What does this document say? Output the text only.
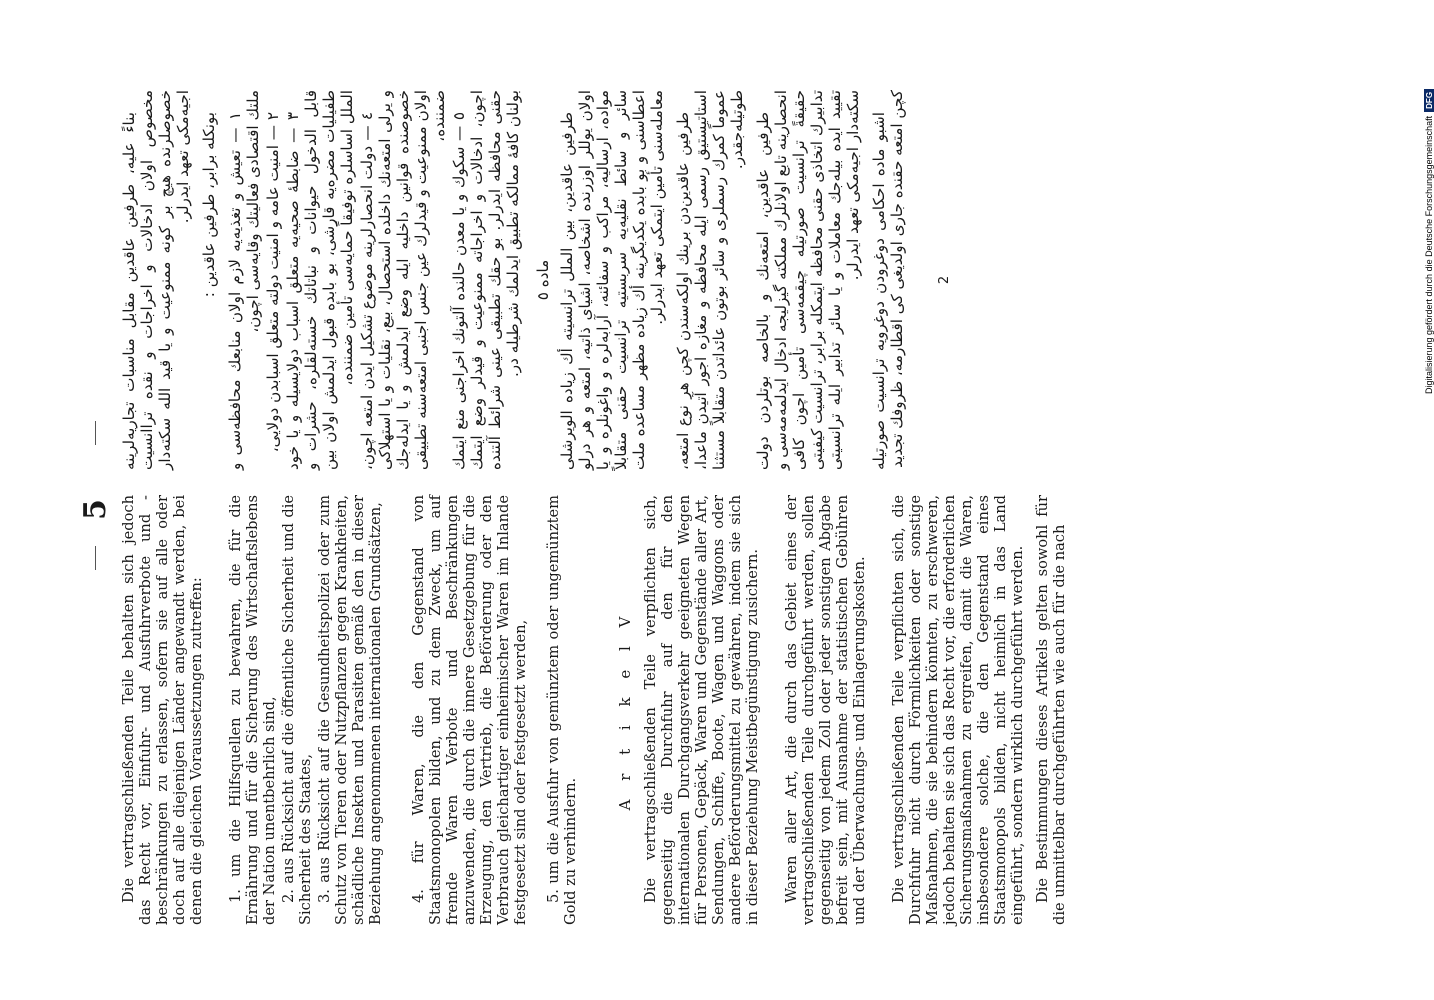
5 Die vertragschließenden Teile behalten sich jedoch das Recht vor, Einfuhr- und Ausfuhrverbote und -beschränkungen zu erlassen, sofern sie auf alle oder doch auf alle diejenigen Länder angewandt werden, bei denen die gleichen Voraussetzungen zutreffen: 1. um die Hilfsquellen zu bewahren, die für die Ernährung und für die Sicherung des Wirtschaftslebens der Nation unentbehrlich sind, 2. aus Rücksicht auf die öffentliche Sicherheit und die Sicherheit des Staates, 3. aus Rücksicht auf die Gesundheitspolizei oder zum Schutz von Tieren oder Nutzpflanzen gegen Krankheiten, schädliche Insekten und Parasiten gemäß den in dieser Beziehung angenommenen internationalen Grundsätzen, 4. für Waren, die den Gegenstand von Staatsmonopolen bilden, und zu dem Zweck, um auf fremde Waren Verbote und Beschränkungen anzuwenden, die durch die innere Gesetzgebung für die Erzeugung, den Vertrieb, die Beförderung oder den Verbrauch gleichartiger einheimischer Waren im Inlande festgesetzt sind oder festgesetzt werden, 5. um die Ausfuhr von gemünztem oder ungemünztem Gold zu verhindern.

A r t i k e l V Die vertragschließenden Teile verpflichten sich, gegenseitig die Durchfuhr auf den für den internationalen Durchgangsverkehr geeigneten Wegen für Personen, Gepäck, Waren und Gegenstände aller Art, Sendungen, Schiffe, Boote, Wagen und Waggons oder andere Beförderungsmittel zu gewähren, indem sie sich in dieser Beziehung Meistbegünstigung zusichern. Waren aller Art, die durch das Gebiet eines der vertragschließenden Teile durchgeführt werden, sollen gegenseitig von jedem Zoll oder jeder sonstigen Abgabe befreit sein, mit Ausnahme der statistischen Gebühren und der Überwachungs- und Einlagerungskosten. Die vertragschließenden Teile verpflichten sich, die Durchfuhr nicht durch Förmlichkeiten oder sonstige Maßnahmen, die sie behindern könnten, zu erschweren, jedoch behalten sie sich das Recht vor, die erforderlichen Sicherungsmaßnahmen zu ergreifen, damit die Waren, insbesondere solche, die den Gegenstand eines Staatsmonopols bilden, nicht heimlich in das Land eingeführt, sondern wirklich durchgeführt werden. Die Bestimmungen dieses Artikels gelten sowohl für die unmittelbar durchgeführten wie auch für die nach

بناءً عليه، طرفين عاقدين مقابل مناسبات تجاريه‌لرينه مخصوص اولان ادخالات و اخراجات و نقده تراانسيت خصوصلرنده هيچ بر كونه ممنوعيت و يا قيد الله سكته‌دار اجيه‌مكى تعهد ايدرلر. بونكله برابر، طرفين عاقدين : ١ — تعيش و تغذيه‌يه لازم اولان منابعك محافظه‌سى و ملتك اقتصادى فعاليتك وقايه‌سى اچون، ٢ — امنيت عامه و امنيت دولته متعلق اسبابدن دولايى،

٣ — ضابطهٔ صحيه‌يه متعلق اسباب دولايسيله و يا خود قابل الدخول حيوانات و نباتاتك خسته‌لقلره، حشرات و طفيليات مضره‌يه قارشى، بو بابده قبول ايدلمش اولان بين الملل اساسلره توفيقاً حمايه‌سى تأمين ضمننده، ٤ — دولت انحصارلرينه موضوع تشكيل ايدن امتعه اچون، و يرلى امتعه‌نك داخلده استحصال، بيع، نقليات و يا استهلاكى خصوصنده قوانين داخليه ايله وضع ايدلمش و يا ايدلەجك اولان ممنوعيت و قيدلرك عين جنس اجنبى امتعه‌سنه تطبيقى ضمننده،

٥ — سكوك و يا معدن حالنده آلتونك اخراجنى منع ايتمك اچون، ادخالات و اخراجاته ممنوعيت و قيدلر وضع ايتمك حقنى محافظه ايدرلر. بو حقك تطبيقى عينى شرائط آلتنده بولنان كافهٔ ممالكه تطبيق ايدلمك شرطيله در. ماده ٥ طرفين عاقدين، بين الملل ترانسيته أك زياده الويرشلى اولان يوللر اوزرنده اشخاصه، اشياى ذاتيه، امتعه و هر درلو مواده، ارساليه، مراكب و سفائنه، آرابه‌لره و واغونلره و يا سائر و سائط نقليه‌يه سربستيه ترانسيت حقنى متقابلاً اعطاسنى و بو بابده يكديگرينه أك زياده مظهر مساعده ملت معامله‌سنى تأمين ايتمكى تعهد ايدرلر. طرفين عاقدين‌دن برينك اولكه‌سندن كچن هر نوع امتعه، استاتيستيق رسمى ايله محافظه و مغازه اجور آتيدن ماعدا، عموماً كمرك رسملرى و سائر بوتون عائداتدن متقابلاً مستثنا طوتيله‌جقدر. طرفين عاقدين، امتعه‌نك و بالخاصه بوتلردن دولت انحصارينه تابع اولانلرك مملكته گيزليجه ادخال ايدلمه‌مه‌سى و حقيقةً ترانسيت صورتيله چيقمه‌سى تأمين اچون كافى تدابيرك اتخاذى حقنى محافظه ايتمكله برابر، ترانسيت كيفيتى تقييد ايده بيله‌جك معاملات و يا سائر تدابير ايله ترانسيتى سكته‌دار اجيه‌مكى تعهد ايدرلر. اشبو ماده احكامى دوغرودن دوغرويه ترانسيت صورتيله كچن امتعه حقنده جارى اولديغى كى اقطارمه، ظروفك تجديد 2	Digitalisierung gefördert durch die Deutsche ForschungsgemeinschaftDFG
